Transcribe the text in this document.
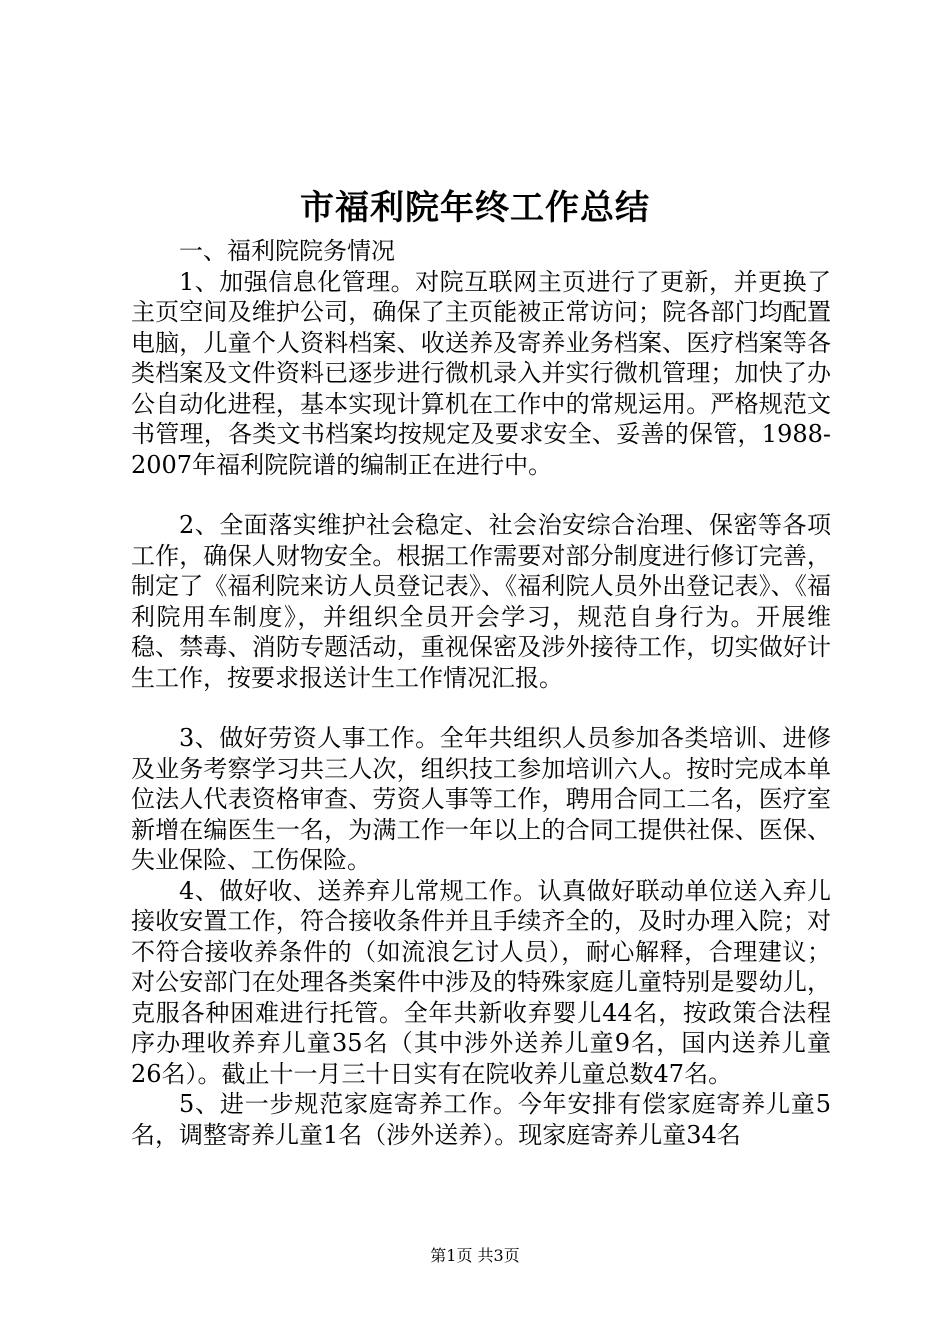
市福利院年终工作总结

一、福利院院务情况

1、加强信息化管理。对院互联网主页进行了更新，并更换了主页空间及维护公司，确保了主页能被正常访问；院各部门均配置电脑，儿童个人资料档案、收送养及寄养业务档案、医疗档案等各类档案及文件资料已逐步进行微机录入并实行微机管理；加快了办公自动化进程，基本实现计算机在工作中的常规运用。严格规范文书管理，各类文书档案均按规定及要求安全、妥善的保管，1988-2007年福利院院谱的编制正在进行中。

2、全面落实维护社会稳定、社会治安综合治理、保密等各项工作，确保人财物安全。根据工作需要对部分制度进行修订完善，制定了《福利院来访人员登记表》、《福利院人员外出登记表》、《福利院用车制度》，并组织全员开会学习，规范自身行为。开展维稳、禁毒、消防专题活动，重视保密及涉外接待工作，切实做好计生工作，按要求报送计生工作情况汇报。

3、做好劳资人事工作。全年共组织人员参加各类培训、进修及业务考察学习共三人次，组织技工参加培训六人。按时完成本单位法人代表资格审查、劳资人事等工作，聘用合同工二名，医疗室新增在编医生一名，为满工作一年以上的合同工提供社保、医保、失业保险、工伤保险。

4、做好收、送养弃儿常规工作。认真做好联动单位送入弃儿接收安置工作，符合接收条件并且手续齐全的，及时办理入院；对不符合接收养条件的（如流浪乞讨人员），耐心解释，合理建议；对公安部门在处理各类案件中涉及的特殊家庭儿童特别是婴幼儿，克服各种困难进行托管。全年共新收弃婴儿44名，按政策合法程序办理收养弃儿童35名（其中涉外送养儿童9名，国内送养儿童26名）。截止十一月三十日实有在院收养儿童总数47名。

5、进一步规范家庭寄养工作。今年安排有偿家庭寄养儿童5名，调整寄养儿童1名（涉外送养）。现家庭寄养儿童34名

第1页 共3页
